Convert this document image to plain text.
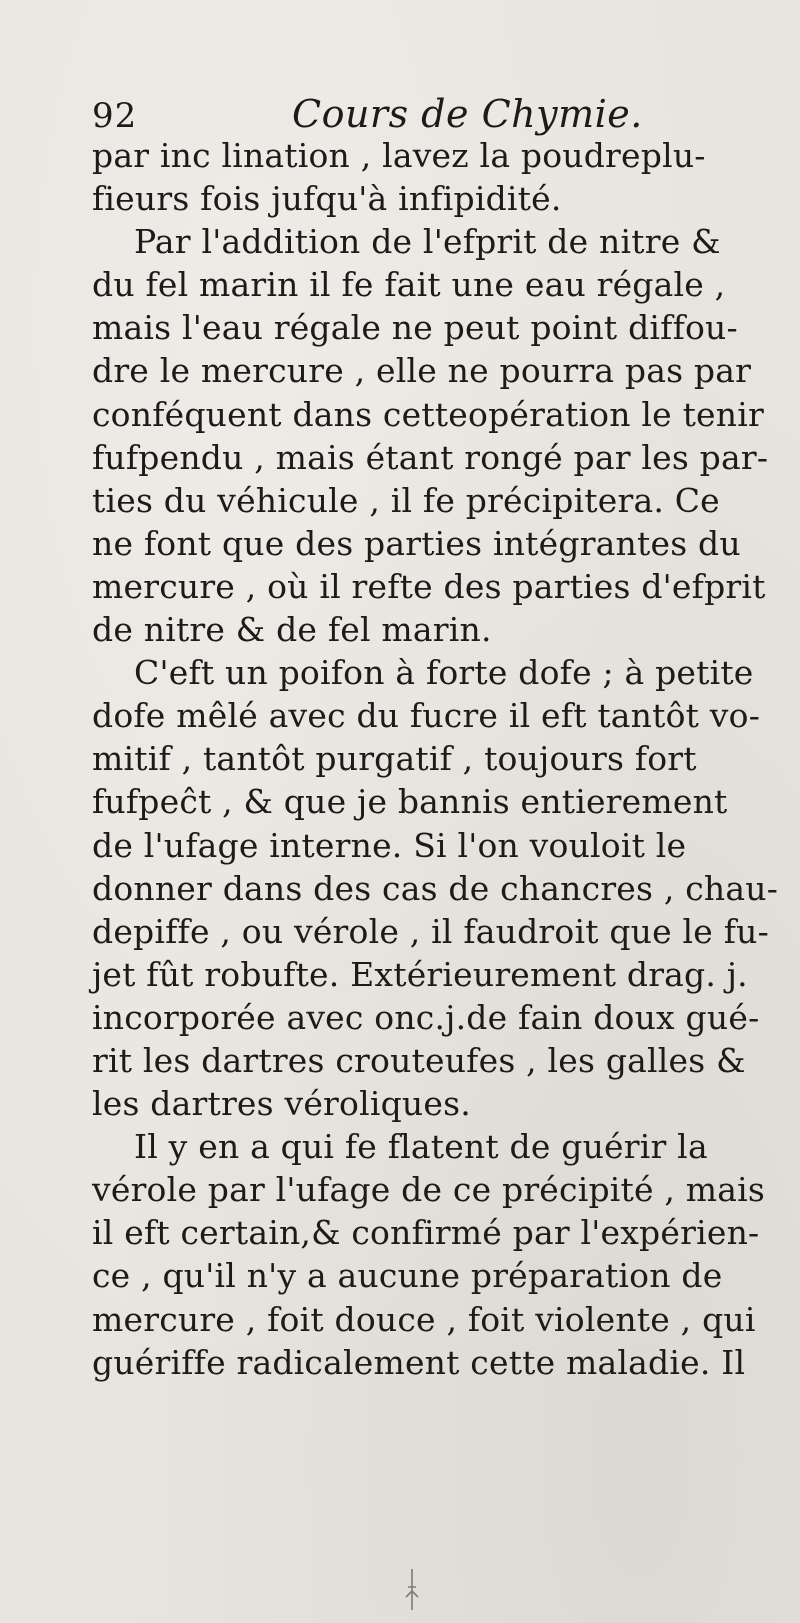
92	Cours de Chymie.
par inc lination , lavez la poudreplu-
fieurs fois jufqu'à infipidité.
Par l'addition de l'efprit de nitre &
du fel marin il fe fait une eau régale ,
mais l'eau régale ne peut point diffou-
dre le mercure , elle ne pourra pas par
conféquent dans cetteopération le tenir
fufpendu , mais étant rongé par les par-
ties du véhicule , il fe précipitera. Ce
ne font que des parties intégrantes du
mercure , où il refte des parties d'efprit
de nitre & de fel marin.
C'eft un poifon à forte dofe ; à petite
dofe mêlé avec du fucre il eft tantôt vo-
mitif , tantôt purgatif , toujours fort
fufpeĉt , & que je bannis entierement
de l'ufage interne. Si l'on vouloit le
donner dans des cas de chancres , chau-
depiffe , ou vérole , il faudroit que le fu-
jet fût robufte. Extérieurement drag. j.
incorporée avec onc.j.de fain doux gué-
rit les dartres crouteufes , les galles &
les dartres véroliques.
Il y en a qui fe flatent de guérir la
vérole par l'ufage de ce précipité , mais
il eft certain,& confirmé par l'expérien-
ce , qu'il n'y a aucune préparation de
mercure , foit douce , foit violente , qui
guériffe radicalement cette maladie. Il
